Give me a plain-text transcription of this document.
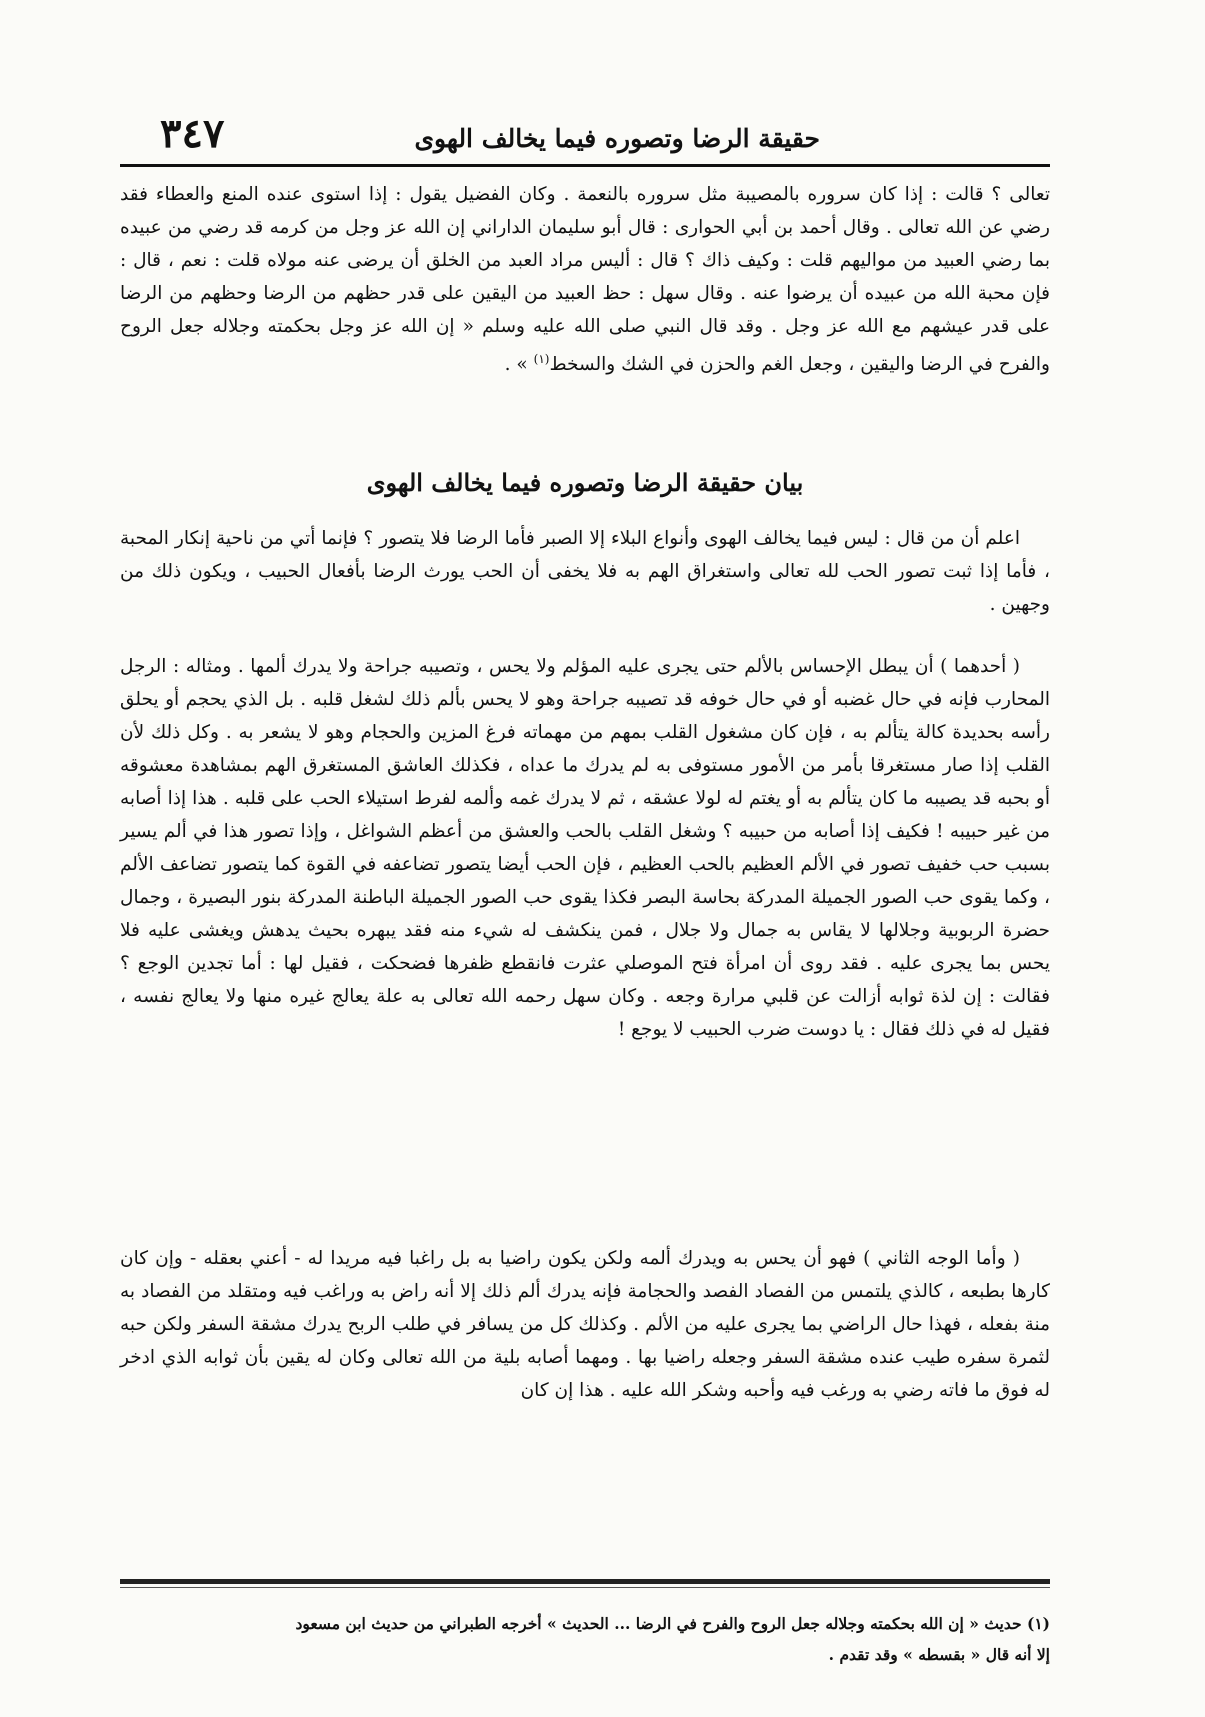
حقيقة الرضا وتصوره فيما يخالف الهوى
٣٤٧

تعالى ؟ قالت : إذا كان سروره بالمصيبة مثل سروره بالنعمة . وكان الفضيل يقول : إذا استوى عنده المنع والعطاء فقد رضي عن الله تعالى . وقال أحمد بن أبي الحوارى : قال أبو سليمان الداراني إن الله عز وجل من كرمه قد رضي من عبيده بما رضي العبيد من مواليهم قلت : وكيف ذاك ؟ قال : أليس مراد العبد من الخلق أن يرضى عنه مولاه قلت : نعم ، قال : فإن محبة الله من عبيده أن يرضوا عنه . وقال سهل : حظ العبيد من اليقين على قدر حظهم من الرضا وحظهم من الرضا على قدر عيشهم مع الله عز وجل . وقد قال النبي صلى الله عليه وسلم « إن الله عز وجل بحكمته وجلاله جعل الروح والفرح في الرضا واليقين ، وجعل الغم والحزن في الشك والسخط$^{(١)}$ » .

بيان حقيقة الرضا وتصوره فيما يخالف الهوى

اعلم أن من قال : ليس فيما يخالف الهوى وأنواع البلاء إلا الصبر فأما الرضا فلا يتصور ؟ فإنما أتي من ناحية إنكار المحبة ، فأما إذا ثبت تصور الحب لله تعالى واستغراق الهم به فلا يخفى أن الحب يورث الرضا بأفعال الحبيب ، ويكون ذلك من وجهين .

( أحدهما ) أن يبطل الإحساس بالألم حتى يجرى عليه المؤلم ولا يحس ، وتصيبه جراحة ولا يدرك ألمها . ومثاله : الرجل المحارب فإنه في حال غضبه أو في حال خوفه قد تصيبه جراحة وهو لا يحس بألم ذلك لشغل قلبه . بل الذي يحجم أو يحلق رأسه بحديدة كالة يتألم به ، فإن كان مشغول القلب بمهم من مهماته فرغ المزين والحجام وهو لا يشعر به . وكل ذلك لأن القلب إذا صار مستغرقا بأمر من الأمور مستوفى به لم يدرك ما عداه ، فكذلك العاشق المستغرق الهم بمشاهدة معشوقه أو بحبه قد يصيبه ما كان يتألم به أو يغتم له لولا عشقه ، ثم لا يدرك غمه وألمه لفرط استيلاء الحب على قلبه . هذا إذا أصابه من غير حبيبه ! فكيف إذا أصابه من حبيبه ؟ وشغل القلب بالحب والعشق من أعظم الشواغل ، وإذا تصور هذا في ألم يسير بسبب حب خفيف تصور في الألم العظيم بالحب العظيم ، فإن الحب أيضا يتصور تضاعفه في القوة كما يتصور تضاعف الألم ، وكما يقوى حب الصور الجميلة المدركة بحاسة البصر فكذا يقوى حب الصور الجميلة الباطنة المدركة بنور البصيرة ، وجمال حضرة الربوبية وجلالها لا يقاس به جمال ولا جلال ، فمن ينكشف له شيء منه فقد يبهره بحيث يدهش ويغشى عليه فلا يحس بما يجرى عليه . فقد روى أن امرأة فتح الموصلي عثرت فانقطع ظفرها فضحكت ، فقيل لها : أما تجدين الوجع ؟ فقالت : إن لذة ثوابه أزالت عن قلبي مرارة وجعه . وكان سهل رحمه الله تعالى به علة يعالج غيره منها ولا يعالج نفسه ، فقيل له في ذلك فقال : يا دوست ضرب الحبيب لا يوجع !

( وأما الوجه الثاني ) فهو أن يحس به ويدرك ألمه ولكن يكون راضيا به بل راغبا فيه مريدا له - أعني بعقله - وإن كان كارها بطبعه ، كالذي يلتمس من الفصاد الفصد والحجامة فإنه يدرك ألم ذلك إلا أنه راض به وراغب فيه ومتقلد من الفصاد به منة بفعله ، فهذا حال الراضي بما يجرى عليه من الألم . وكذلك كل من يسافر في طلب الربح يدرك مشقة السفر ولكن حبه لثمرة سفره طيب عنده مشقة السفر وجعله راضيا بها . ومهما أصابه بلية من الله تعالى وكان له يقين بأن ثوابه الذي ادخر له فوق ما فاته رضي به ورغب فيه وأحبه وشكر الله عليه . هذا إن كان

(١) حديث « إن الله بحكمته وجلاله جعل الروح والفرح في الرضا ... الحديث » أخرجه الطبراني من حديث ابن مسعود

إلا أنه قال « بقسطه » وقد تقدم .
